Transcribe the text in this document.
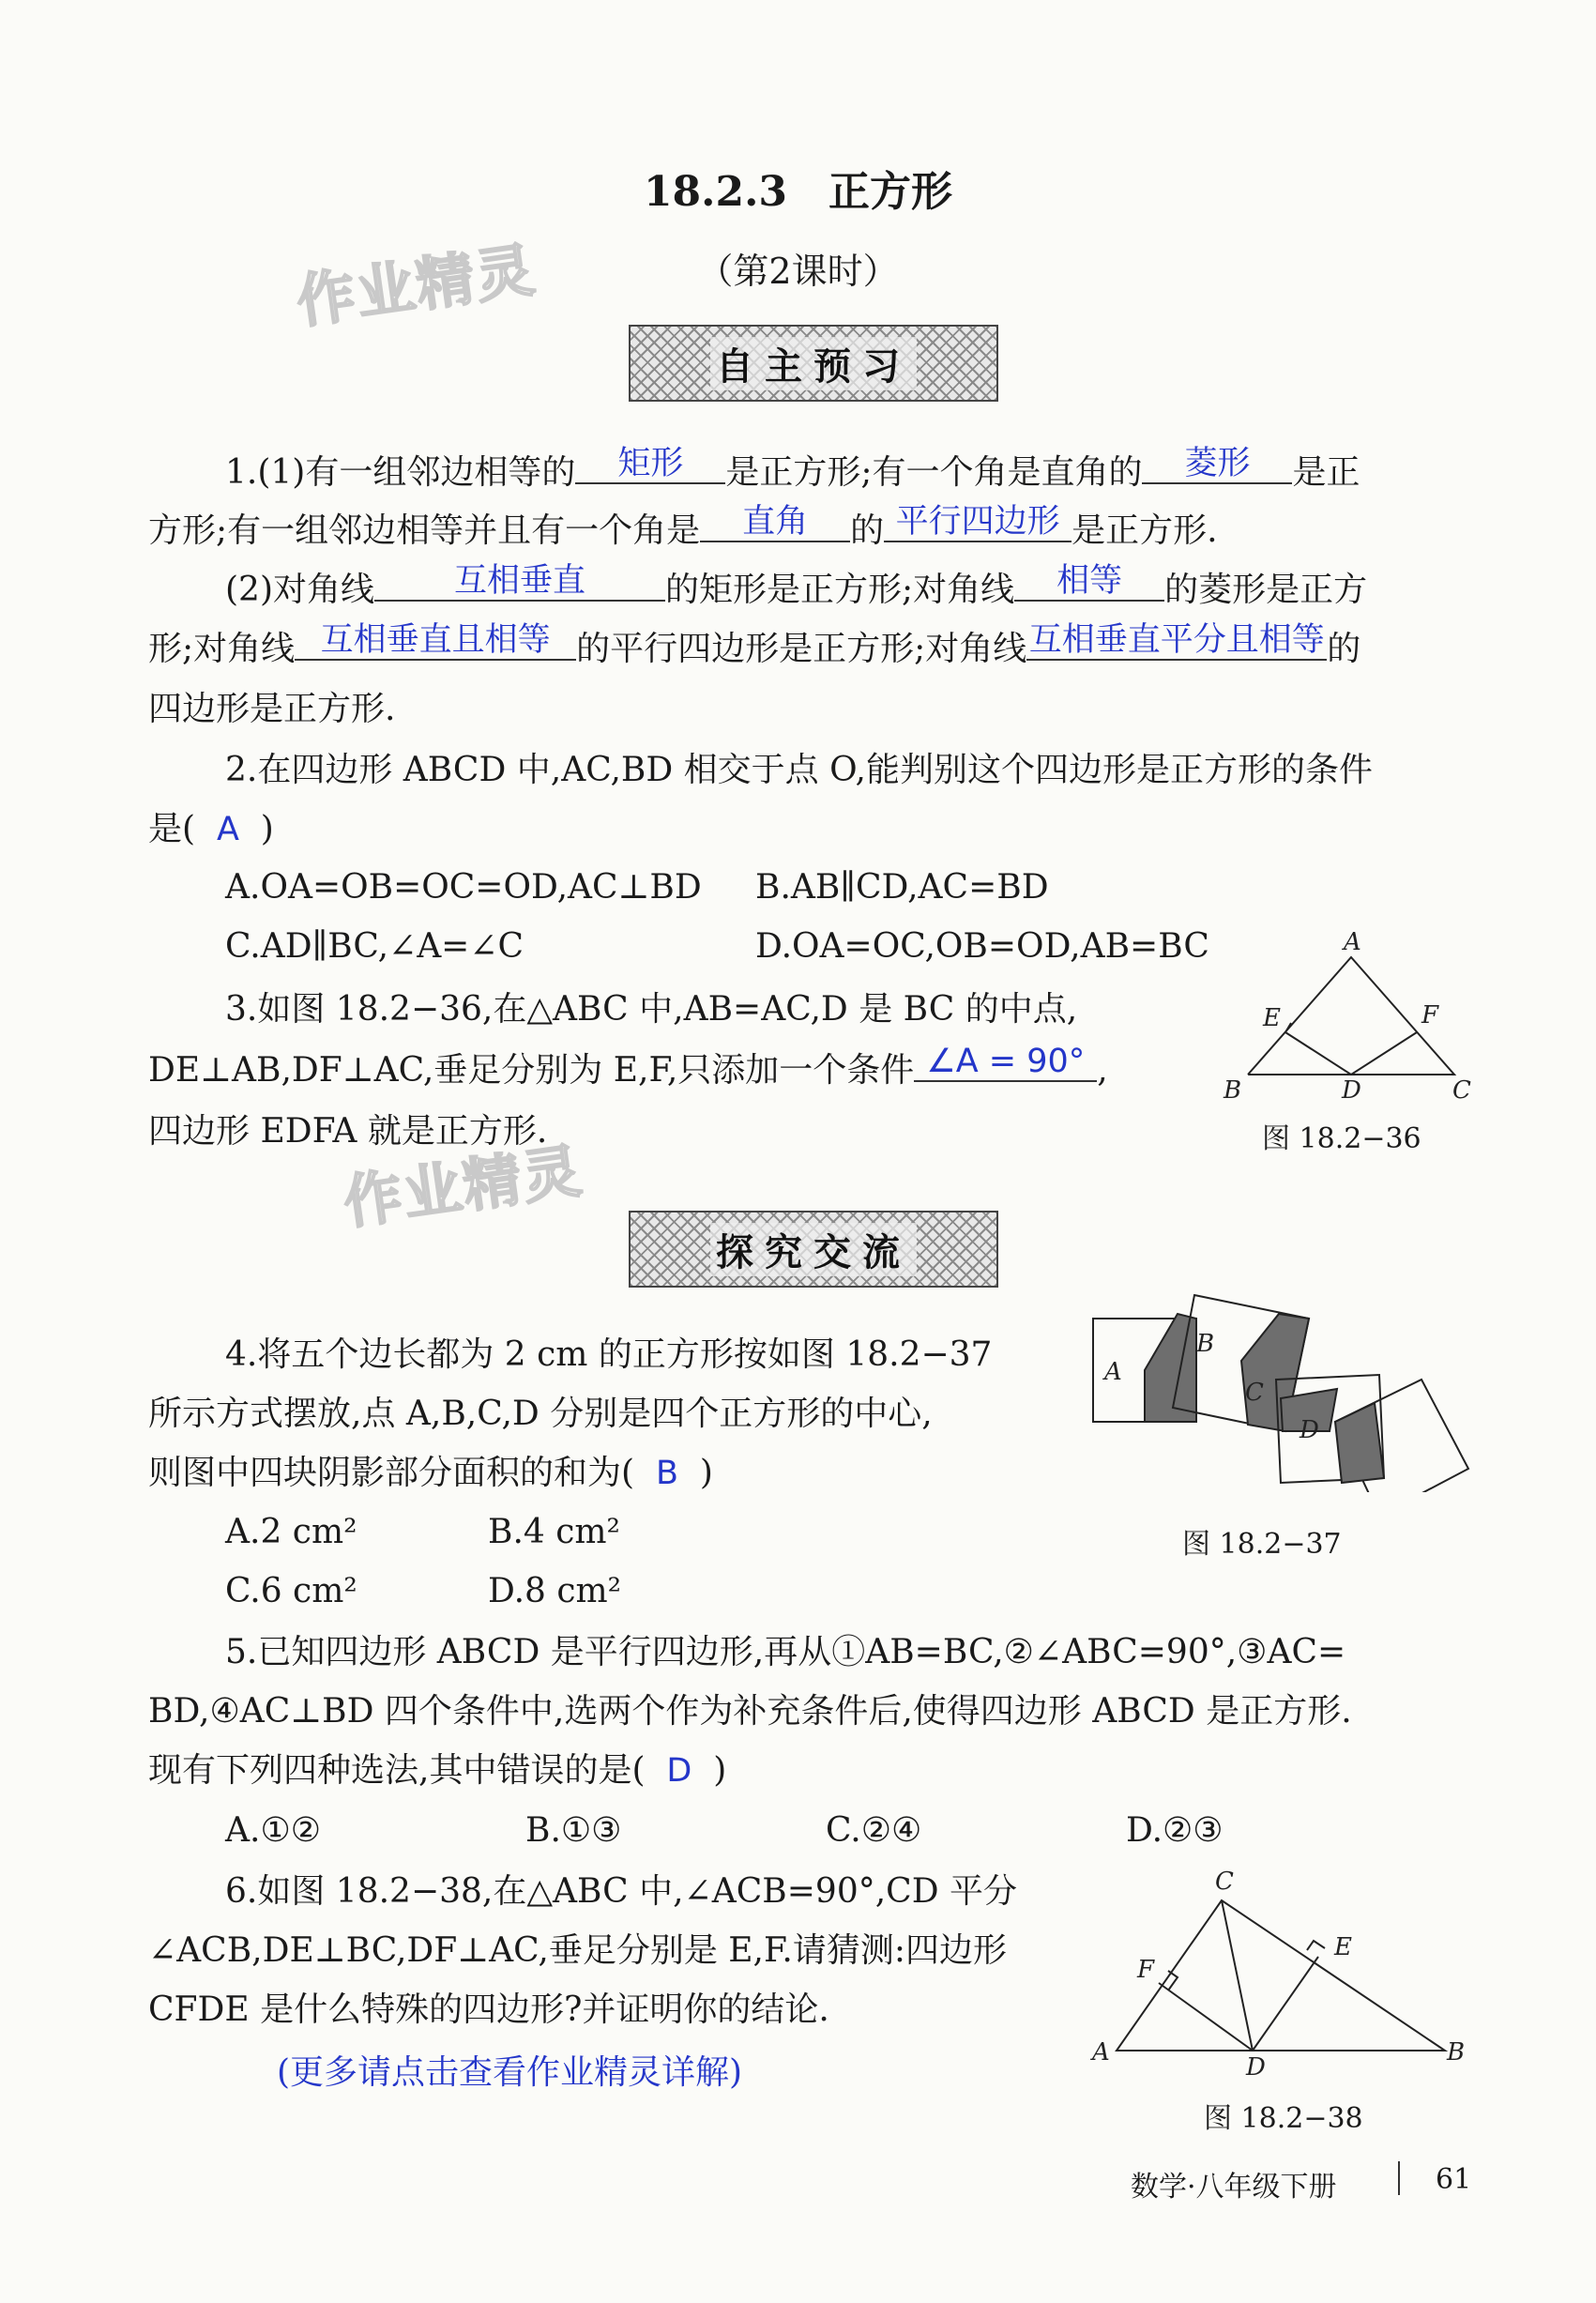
作业精灵
作业精灵
18.2.3　正方形
（第2课时）
自主预习
1.(1)有一组邻边相等的 矩形 是正方形;有一个角是直角的 菱形 是正
方形;有一组邻边相等并且有一个角是 直角 的 平行四边形 是正方形.
(2)对角线 互相垂直 的矩形是正方形;对角线 相等 的菱形是正方
形;对角线 互相垂直且相等 的平行四边形是正方形;对角线互相垂直平分且相等的
四边形是正方形.
2.在四边形 ABCD 中,AC,BD 相交于点 O,能判别这个四边形是正方形的条件
是( A )
A.OA=OB=OC=OD,AC⊥BD B.AB∥CD,AC=BD
C.AD∥BC,∠A=∠C	D.OA=OC,OB=OD,AB=BC
3.如图 18.2−36,在△ABC 中,AB=AC,D 是 BC 的中点,
DE⊥AB,DF⊥AC,垂足分别为 E,F,只添加一个条件 ∠A = 90° ,
四边形 EDFA 就是正方形.
A
E	F
B	D	C
图 18.2−36
探究交流
4.将五个边长都为 2 cm 的正方形按如图 18.2−37
所示方式摆放,点 A,B,C,D 分别是四个正方形的中心,
则图中四块阴影部分面积的和为( B )
A.2 cm²	B.4 cm²
C.6 cm²	D.8 cm²
A
B
C
D
图 18.2−37
5.已知四边形 ABCD 是平行四边形,再从①AB=BC,②∠ABC=90°,③AC=
BD,④AC⊥BD 四个条件中,选两个作为补充条件后,使得四边形 ABCD 是正方形.
现有下列四种选法,其中错误的是( D )
A.①②	B.①③	C.②④	D.②③
6.如图 18.2−38,在△ABC 中,∠ACB=90°,CD 平分
∠ACB,DE⊥BC,DF⊥AC,垂足分别是 E,F.请猜测:四边形
CFDE 是什么特殊的四边形?并证明你的结论.
(更多请点击查看作业精灵详解)
C
F
E
A
D
B
图 18.2−38
数学·八年级下册	61
